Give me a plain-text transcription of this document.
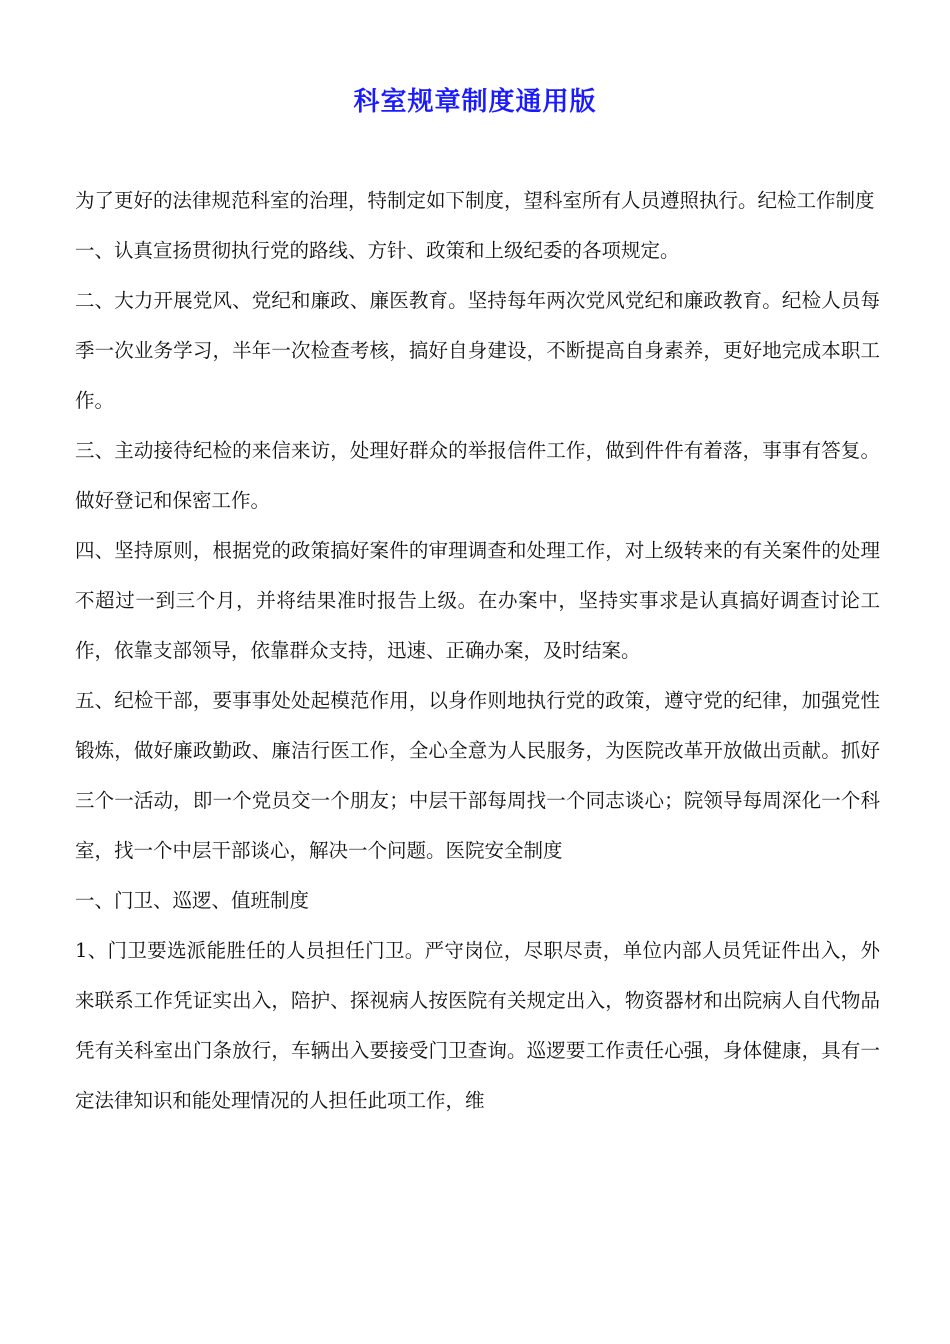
科室规章制度通用版

为了更好的法律规范科室的治理，特制定如下制度，望科室所有人员遵照执行。纪检工作制度

一、认真宣扬贯彻执行党的路线、方针、政策和上级纪委的各项规定。

二、大力开展党风、党纪和廉政、廉医教育。坚持每年两次党风党纪和廉政教育。纪检人员每季一次业务学习，半年一次检查考核，搞好自身建设，不断提高自身素养，更好地完成本职工作。

三、主动接待纪检的来信来访，处理好群众的举报信件工作，做到件件有着落，事事有答复。做好登记和保密工作。

四、坚持原则，根据党的政策搞好案件的审理调查和处理工作，对上级转来的有关案件的处理不超过一到三个月，并将结果准时报告上级。在办案中，坚持实事求是认真搞好调查讨论工作，依靠支部领导，依靠群众支持，迅速、正确办案，及时结案。

五、纪检干部，要事事处处起模范作用，以身作则地执行党的政策，遵守党的纪律，加强党性锻炼，做好廉政勤政、廉洁行医工作，全心全意为人民服务，为医院改革开放做出贡献。抓好三个一活动，即一个党员交一个朋友；中层干部每周找一个同志谈心；院领导每周深化一个科室，找一个中层干部谈心，解决一个问题。医院安全制度

一、门卫、巡逻、值班制度

1、门卫要选派能胜任的人员担任门卫。严守岗位，尽职尽责，单位内部人员凭证件出入，外来联系工作凭证实出入，陪护、探视病人按医院有关规定出入，物资器材和出院病人自代物品凭有关科室出门条放行，车辆出入要接受门卫查询。巡逻要工作责任心强，身体健康，具有一定法律知识和能处理情况的人担任此项工作，维
